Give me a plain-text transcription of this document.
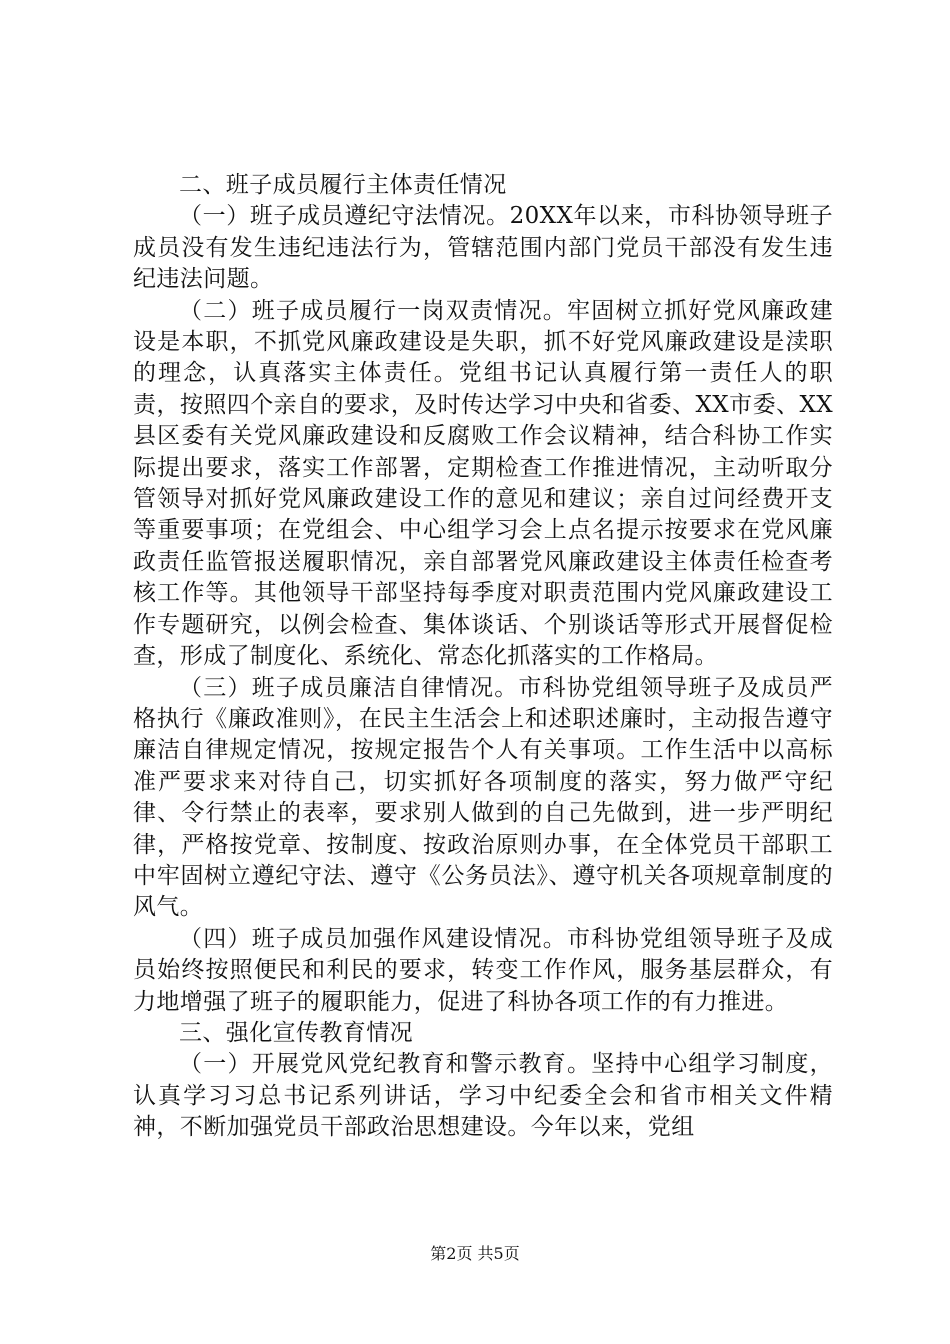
二、班子成员履行主体责任情况

（一）班子成员遵纪守法情况。20XX年以来，市科协领导班子成员没有发生违纪违法行为，管辖范围内部门党员干部没有发生违纪违法问题。

（二）班子成员履行一岗双责情况。牢固树立抓好党风廉政建设是本职，不抓党风廉政建设是失职，抓不好党风廉政建设是渎职的理念，认真落实主体责任。党组书记认真履行第一责任人的职责，按照四个亲自的要求，及时传达学习中央和省委、XX市委、XX县区委有关党风廉政建设和反腐败工作会议精神，结合科协工作实际提出要求，落实工作部署，定期检查工作推进情况，主动听取分管领导对抓好党风廉政建设工作的意见和建议；亲自过问经费开支等重要事项；在党组会、中心组学习会上点名提示按要求在党风廉政责任监管报送履职情况，亲自部署党风廉政建设主体责任检查考核工作等。其他领导干部坚持每季度对职责范围内党风廉政建设工作专题研究，以例会检查、集体谈话、个别谈话等形式开展督促检查，形成了制度化、系统化、常态化抓落实的工作格局。

（三）班子成员廉洁自律情况。市科协党组领导班子及成员严格执行《廉政准则》，在民主生活会上和述职述廉时，主动报告遵守廉洁自律规定情况，按规定报告个人有关事项。工作生活中以高标准严要求来对待自己，切实抓好各项制度的落实，努力做严守纪律、令行禁止的表率，要求别人做到的自己先做到，进一步严明纪律，严格按党章、按制度、按政治原则办事，在全体党员干部职工中牢固树立遵纪守法、遵守《公务员法》、遵守机关各项规章制度的风气。

（四）班子成员加强作风建设情况。市科协党组领导班子及成员始终按照便民和利民的要求，转变工作作风，服务基层群众，有力地增强了班子的履职能力，促进了科协各项工作的有力推进。

三、强化宣传教育情况

（一）开展党风党纪教育和警示教育。坚持中心组学习制度，认真学习习总书记系列讲话，学习中纪委全会和省市相关文件精神，不断加强党员干部政治思想建设。今年以来，党组

第2页 共5页
